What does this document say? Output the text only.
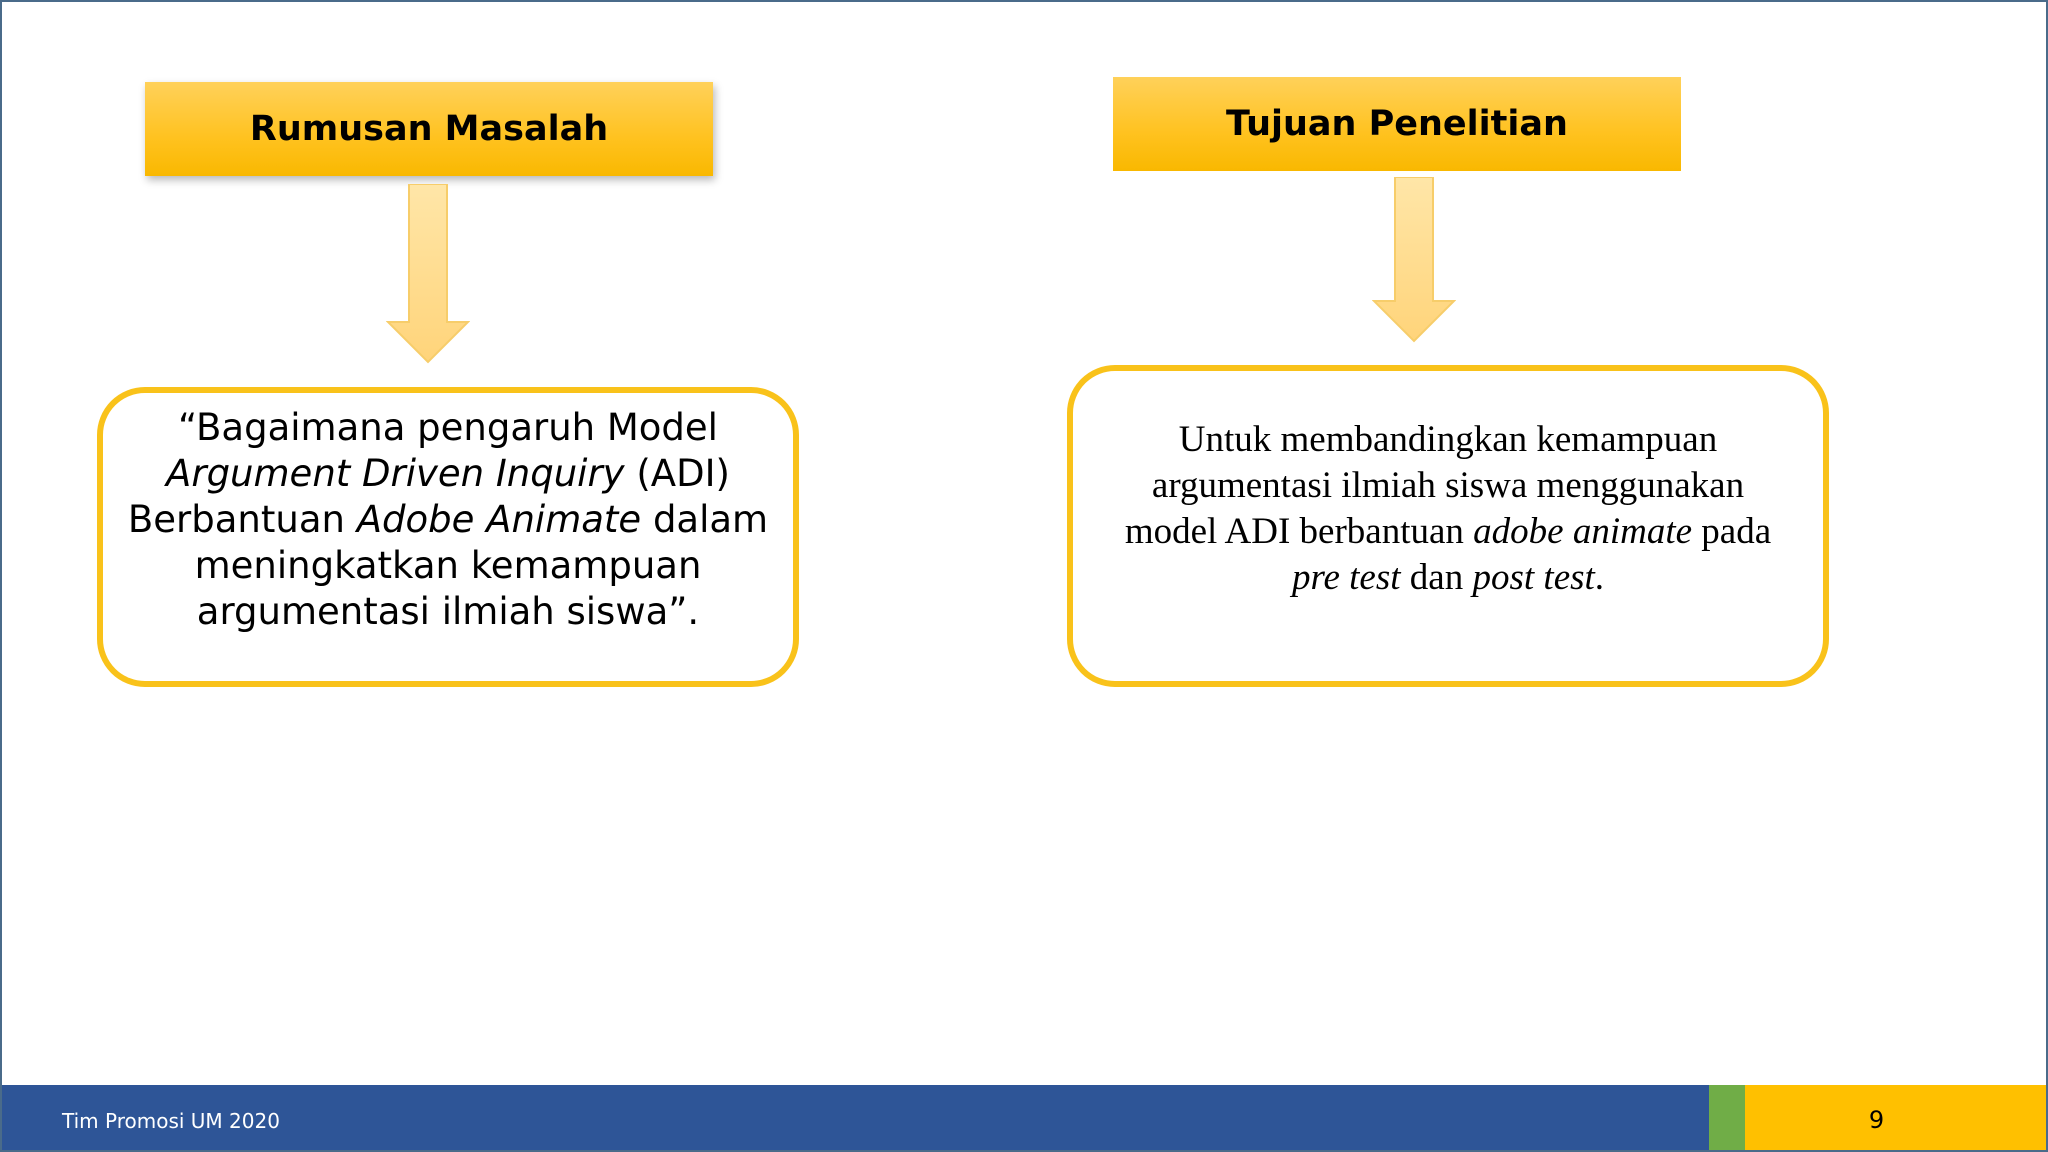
Rumusan Masalah
“Bagaimana pengaruh Model
Argument Driven Inquiry (ADI)
Berbantuan Adobe Animate dalam
meningkatkan kemampuan
argumentasi ilmiah siswa”.
Tujuan Penelitian
Untuk membandingkan kemampuan
argumentasi ilmiah siswa menggunakan
model ADI berbantuan adobe animate pada
pre test dan post test.
Tim Promosi UM 2020	9
